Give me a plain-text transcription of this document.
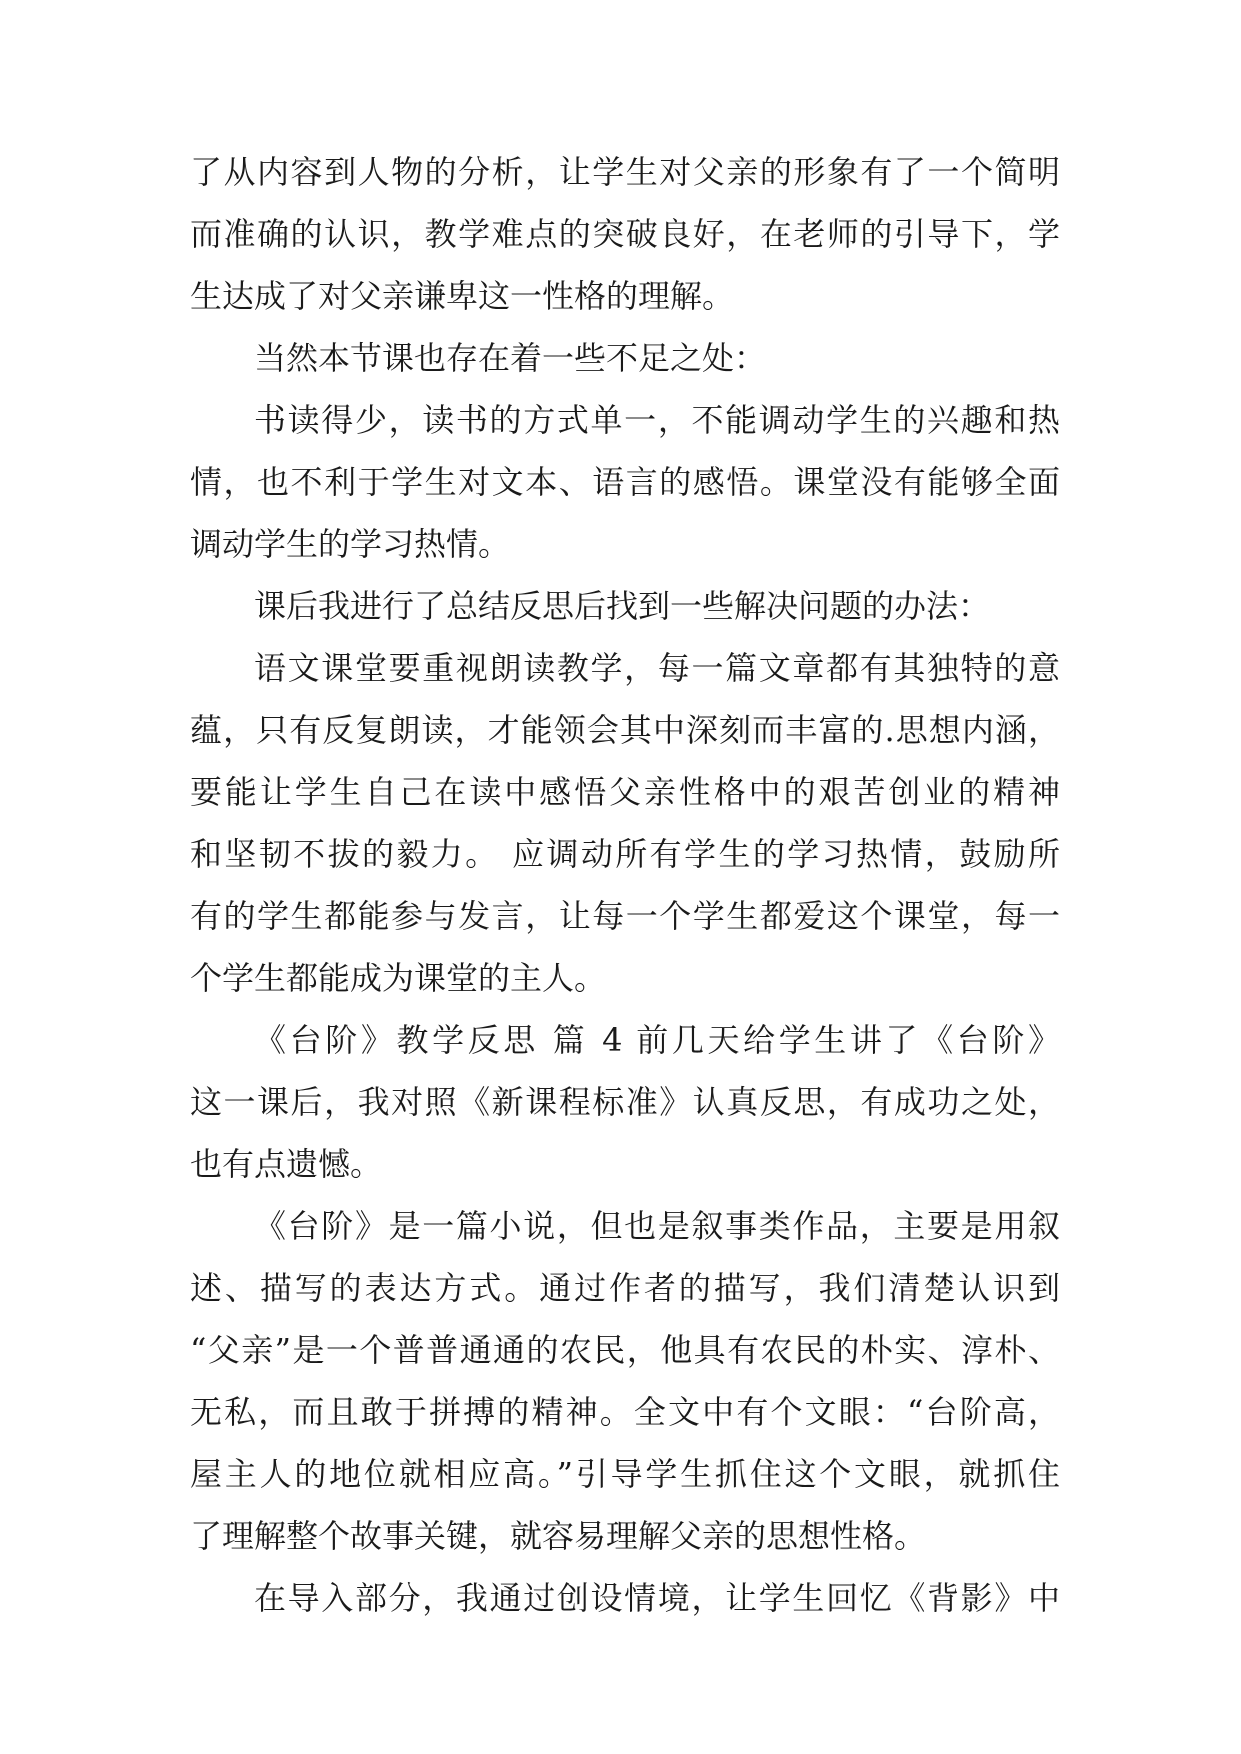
了从内容到人物的分析，让学生对父亲的形象有了一个简明
而准确的认识，教学难点的突破良好，在老师的引导下，学
生达成了对父亲谦卑这一性格的理解。
当然本节课也存在着一些不足之处：
书读得少，读书的方式单一，不能调动学生的兴趣和热
情，也不利于学生对文本、语言的感悟。课堂没有能够全面
调动学生的学习热情。
课后我进行了总结反思后找到一些解决问题的办法：
语文课堂要重视朗读教学，每一篇文章都有其独特的意
蕴，只有反复朗读，才能领会其中深刻而丰富的.思想内涵，
要能让学生自己在读中感悟父亲性格中的艰苦创业的精神
和坚韧不拔的毅力。 应调动所有学生的学习热情，鼓励所
有的学生都能参与发言，让每一个学生都爱这个课堂，每一
个学生都能成为课堂的主人。
《台阶》教学反思 篇 4 前几天给学生讲了《台阶》
这一课后，我对照《新课程标准》认真反思，有成功之处，
也有点遗憾。
《台阶》是一篇小说，但也是叙事类作品，主要是用叙
述、描写的表达方式。通过作者的描写，我们清楚认识到
“父亲”是一个普普通通的农民，他具有农民的朴实、淳朴、
无私，而且敢于拼搏的精神。全文中有个文眼：“台阶高，
屋主人的地位就相应高。”引导学生抓住这个文眼，就抓住
了理解整个故事关键，就容易理解父亲的思想性格。
在导入部分，我通过创设情境，让学生回忆《背影》中
